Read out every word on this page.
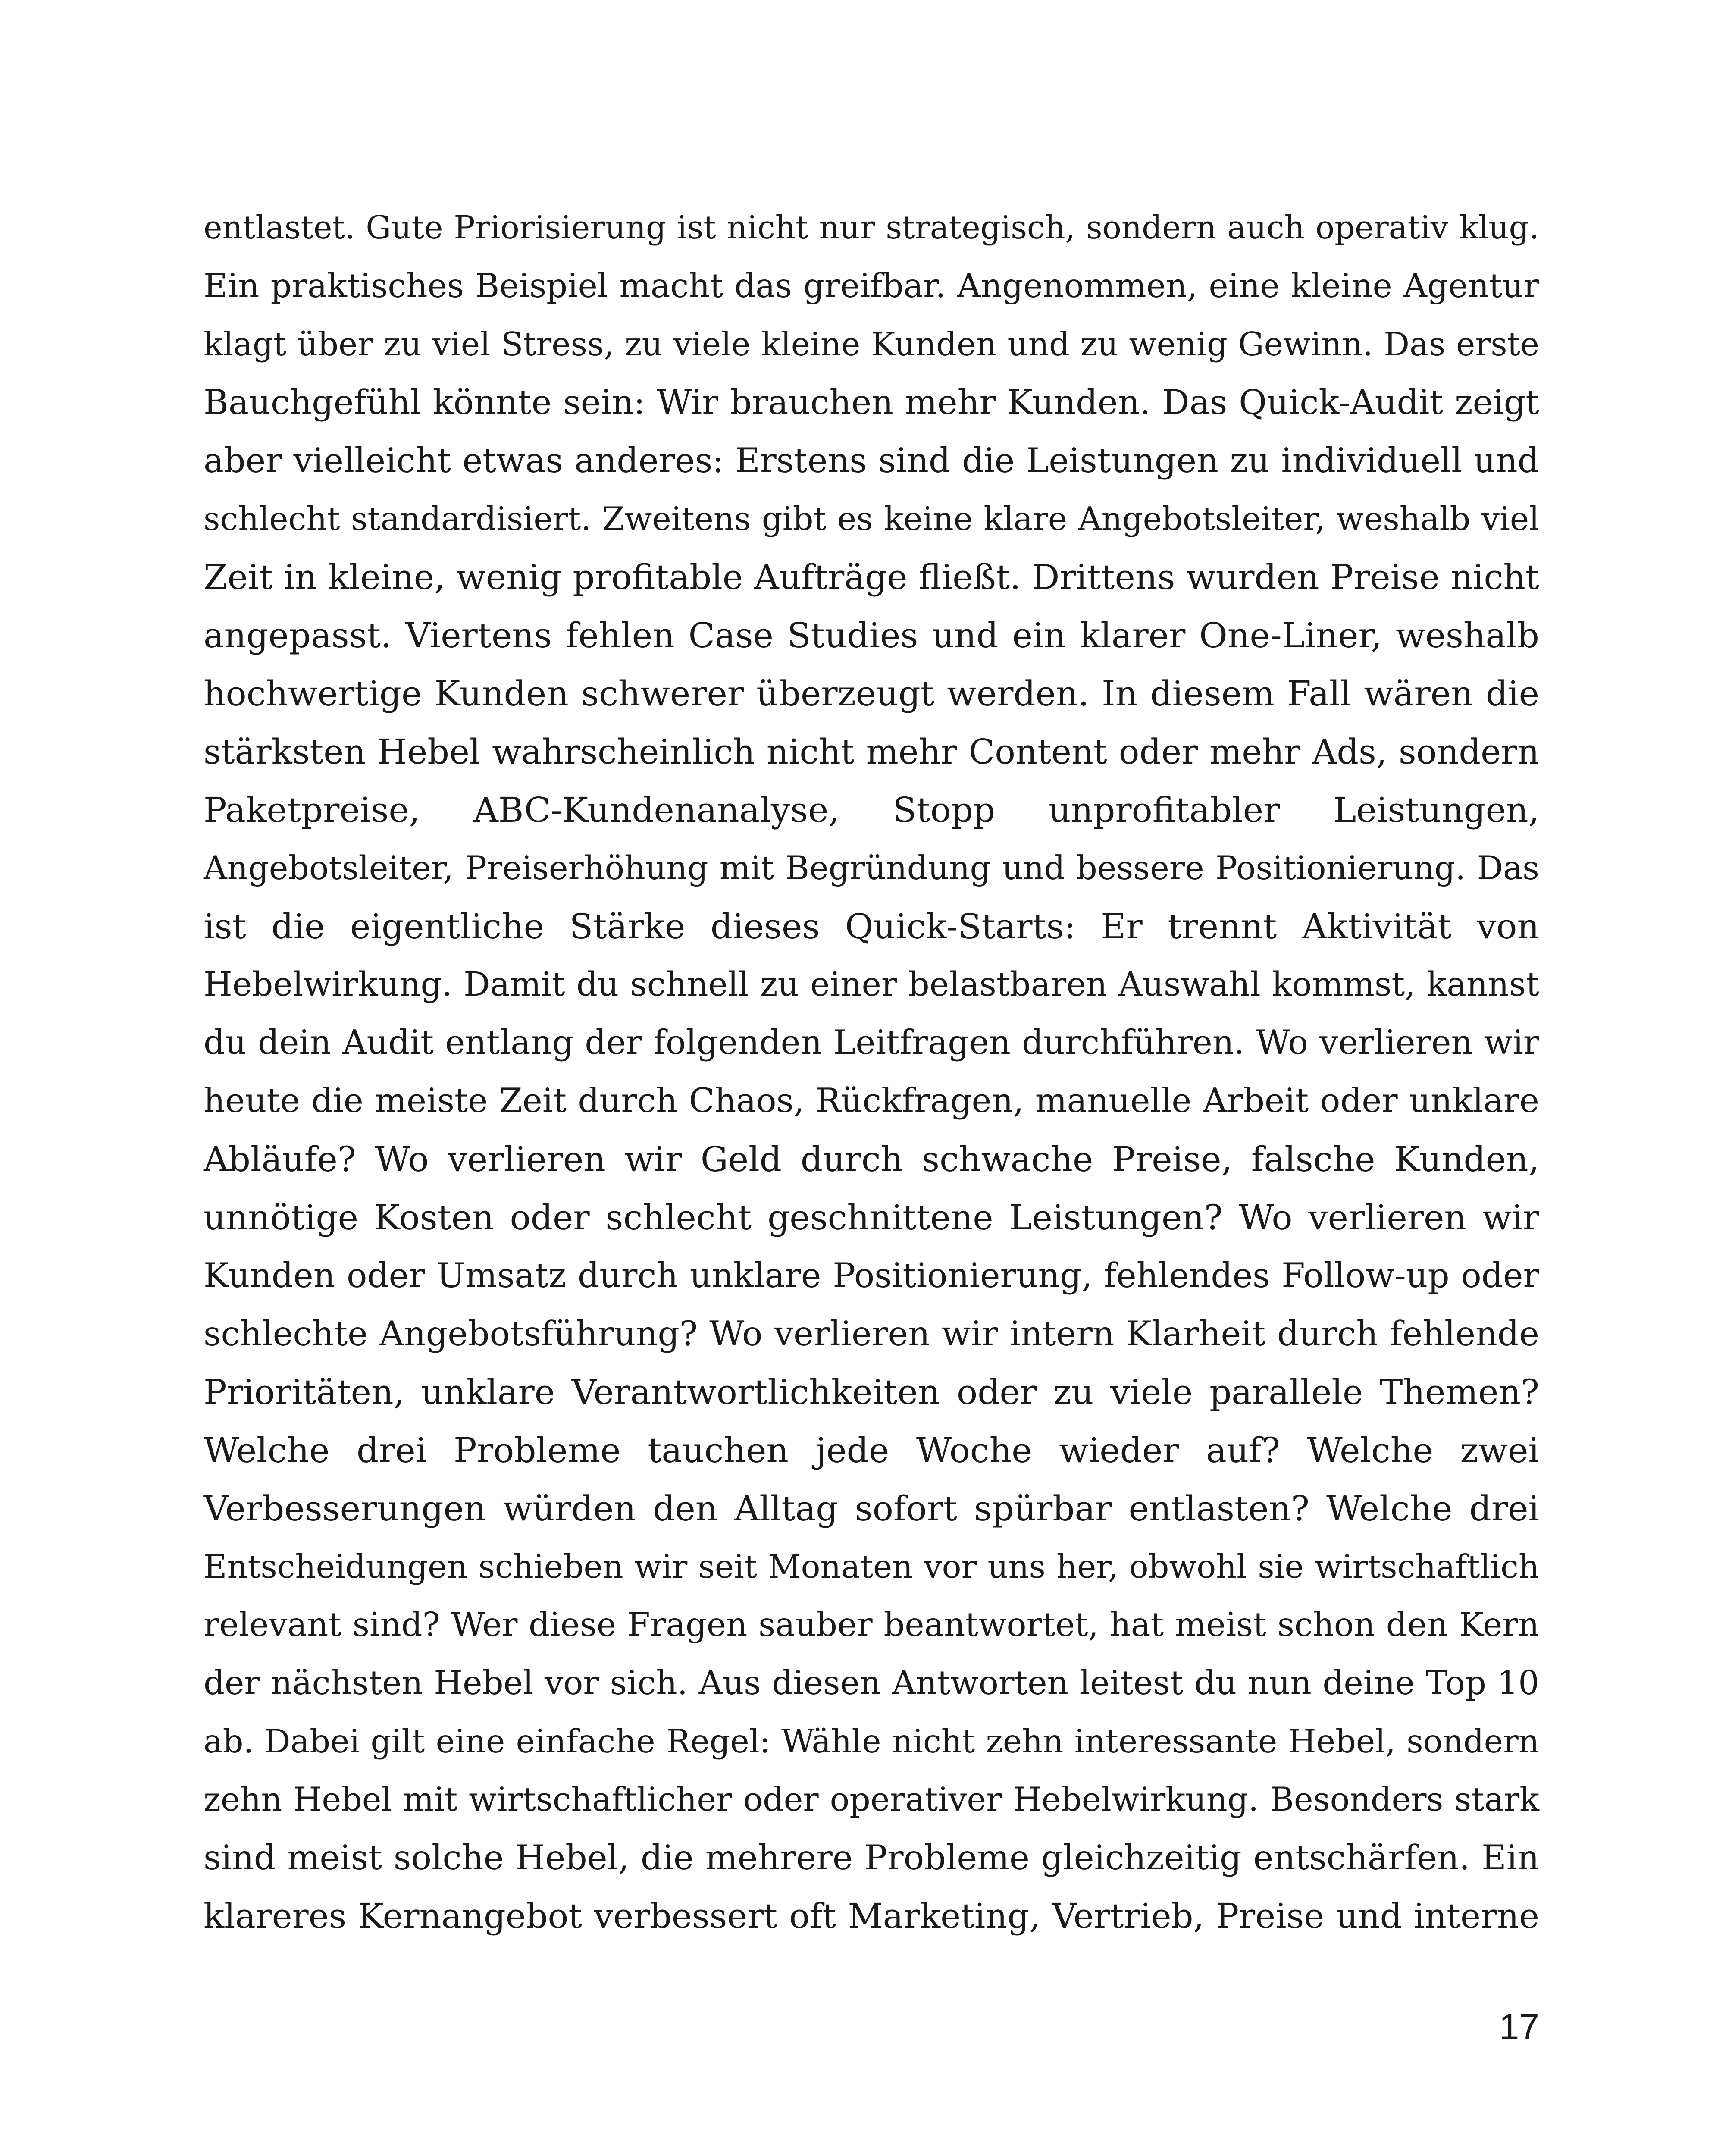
entlastet. Gute Priorisierung ist nicht nur strategisch, sondern auch operativ klug.
Ein praktisches Beispiel macht das greifbar. Angenommen, eine kleine Agentur
klagt über zu viel Stress, zu viele kleine Kunden und zu wenig Gewinn. Das erste
Bauchgefühl könnte sein: Wir brauchen mehr Kunden. Das Quick-Audit zeigt
aber vielleicht etwas anderes: Erstens sind die Leistungen zu individuell und
schlecht standardisiert. Zweitens gibt es keine klare Angebotsleiter, weshalb viel
Zeit in kleine, wenig profitable Aufträge fließt. Drittens wurden Preise nicht
angepasst. Viertens fehlen Case Studies und ein klarer One-Liner, weshalb
hochwertige Kunden schwerer überzeugt werden. In diesem Fall wären die
stärksten Hebel wahrscheinlich nicht mehr Content oder mehr Ads, sondern
Paketpreise, ABC-Kundenanalyse, Stopp unprofitabler Leistungen,
Angebotsleiter, Preiserhöhung mit Begründung und bessere Positionierung. Das
ist die eigentliche Stärke dieses Quick-Starts: Er trennt Aktivität von
Hebelwirkung. Damit du schnell zu einer belastbaren Auswahl kommst, kannst
du dein Audit entlang der folgenden Leitfragen durchführen. Wo verlieren wir
heute die meiste Zeit durch Chaos, Rückfragen, manuelle Arbeit oder unklare
Abläufe? Wo verlieren wir Geld durch schwache Preise, falsche Kunden,
unnötige Kosten oder schlecht geschnittene Leistungen? Wo verlieren wir
Kunden oder Umsatz durch unklare Positionierung, fehlendes Follow-up oder
schlechte Angebotsführung? Wo verlieren wir intern Klarheit durch fehlende
Prioritäten, unklare Verantwortlichkeiten oder zu viele parallele Themen?
Welche drei Probleme tauchen jede Woche wieder auf? Welche zwei
Verbesserungen würden den Alltag sofort spürbar entlasten? Welche drei
Entscheidungen schieben wir seit Monaten vor uns her, obwohl sie wirtschaftlich
relevant sind? Wer diese Fragen sauber beantwortet, hat meist schon den Kern
der nächsten Hebel vor sich. Aus diesen Antworten leitest du nun deine Top 10
ab. Dabei gilt eine einfache Regel: Wähle nicht zehn interessante Hebel, sondern
zehn Hebel mit wirtschaftlicher oder operativer Hebelwirkung. Besonders stark
sind meist solche Hebel, die mehrere Probleme gleichzeitig entschärfen. Ein
klareres Kernangebot verbessert oft Marketing, Vertrieb, Preise und interne
17
